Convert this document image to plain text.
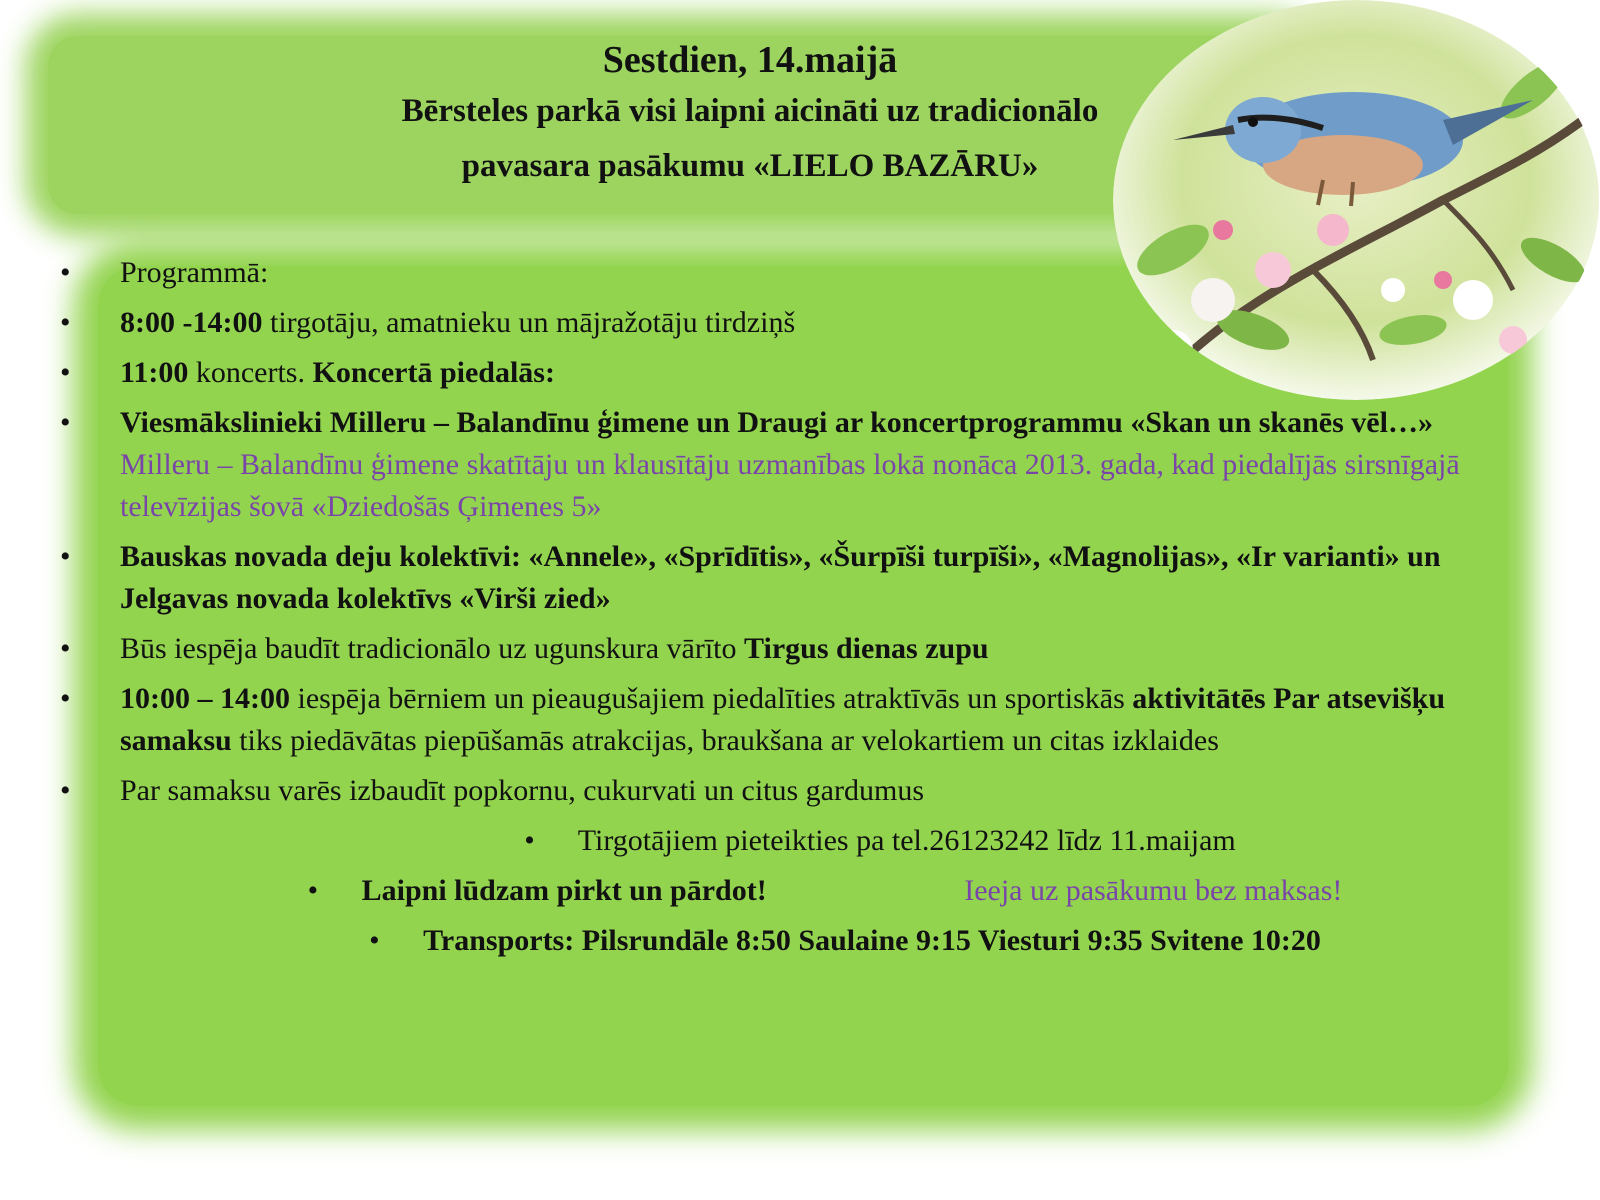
Sestdien, 14.maijā
Bērsteles parkā visi laipni aicināti uz tradicionālo
pavasara pasākumu «LIELO BAZĀRU»
• Programmā:
• 8:00 -14:00 tirgotāju, amatnieku un mājražotāju tirdziņš
• 11:00 koncerts. Koncertā piedalās:
• Viesmākslinieki Milleru – Balandīnu ģimene un Draugi ar koncertprogrammu «Skan un skanēs vēl…» Milleru – Balandīnu ģimene skatītāju un klausītāju uzmanības lokā nonāca 2013. gada, kad piedalījās sirsnīgajā televīzijas šovā «Dziedošās Ģimenes 5»
• Bauskas novada deju kolektīvi: «Annele», «Sprīdītis», «Šurpīši turpīši», «Magnolijas», «Ir varianti» un Jelgavas novada kolektīvs «Virši zied»
• Būs iespēja baudīt tradicionālo uz ugunskura vārīto Tirgus dienas zupu
• 10:00 – 14:00 iespēja bērniem un pieaugušajiem piedalīties atraktīvās un sportiskās aktivitātēs Par atsevišķu samaksu tiks piedāvātas piepūšamās atrakcijas, braukšana ar velokartiem un citas izklaides
• Par samaksu varēs izbaudīt popkornu, cukurvati un citus gardumus
• Tirgotājiem pieteikties pa tel.26123242 līdz 11.maijam
• Laipni lūdzam pirkt un pārdot!	Ieeja uz pasākumu bez maksas!
• Transports: Pilsrundāle 8:50 Saulaine 9:15 Viesturi 9:35 Svitene 10:20
